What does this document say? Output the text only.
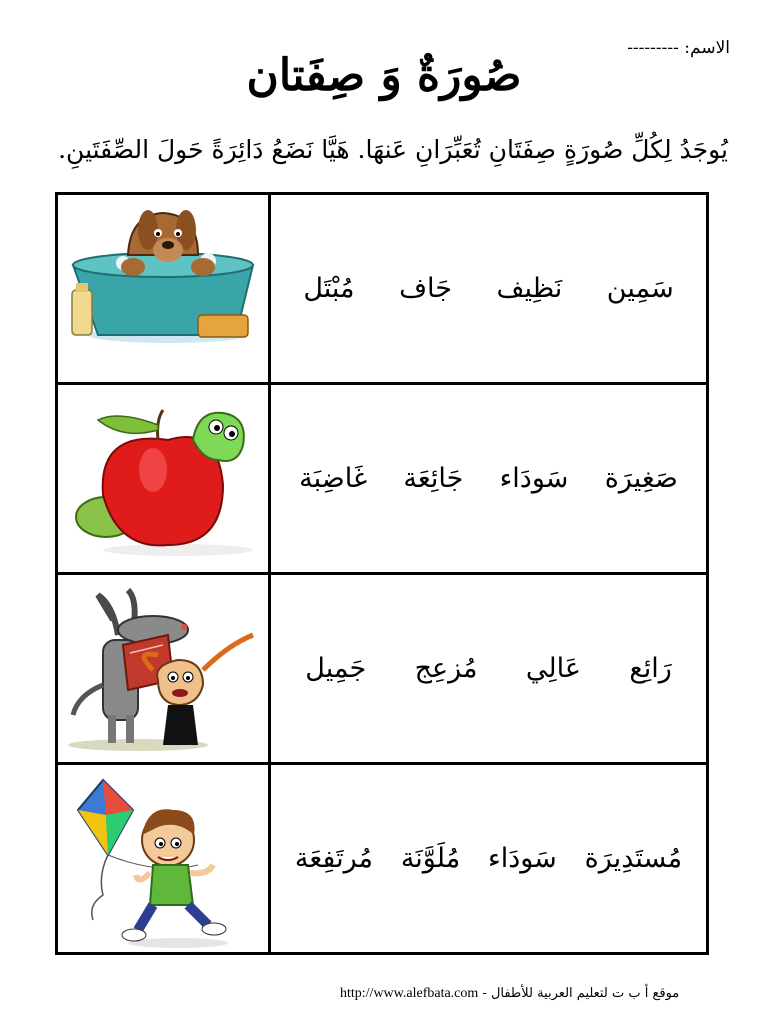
الاسم: ---------
صُورَةٌ وَ صِفَتان
يُوجَدُ لِكُلِّ صُورَةٍ صِفَتَانِ تُعَبِّرَانِ عَنهَا. هَيَّا نَضَعُ دَائِرَةً حَولَ الصِّفَتَينِ.
مُبْتَل جَاف نَظِيف سَمِين
غَاضِبَة جَائِعَة سَودَاء صَغِيرَة
جَمِيل مُزعِج عَالِي رَائِع
مُرتَفِعَة مُلَوَّنَة سَودَاء مُستَدِيرَة
http://www.alefbata.com موقع أ ب ت لتعليم العربية للأطفال -
